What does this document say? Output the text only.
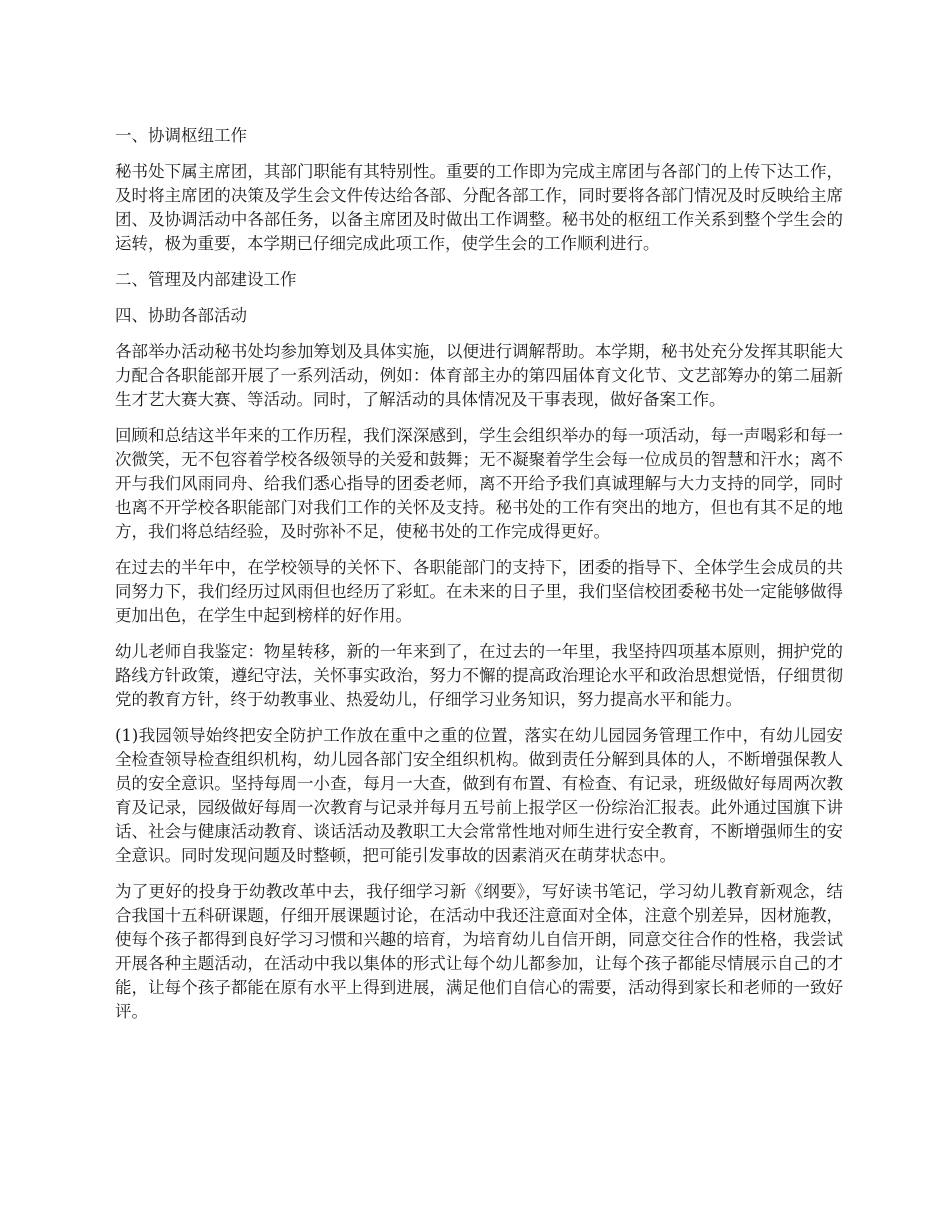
一、协调枢纽工作

秘书处下属主席团，其部门职能有其特别性。重要的工作即为完成主席团与各部门的上传下达工作，及时将主席团的决策及学生会文件传达给各部、分配各部工作，同时要将各部门情况及时反映给主席团、及协调活动中各部任务，以备主席团及时做出工作调整。秘书处的枢纽工作关系到整个学生会的运转，极为重要，本学期已仔细完成此项工作，使学生会的工作顺利进行。

二、管理及内部建设工作

四、协助各部活动

各部举办活动秘书处均参加筹划及具体实施，以便进行调解帮助。本学期，秘书处充分发挥其职能大力配合各职能部开展了一系列活动，例如：体育部主办的第四届体育文化节、文艺部筹办的第二届新生才艺大赛大赛、等活动。同时，了解活动的具体情况及干事表现，做好备案工作。

回顾和总结这半年来的工作历程，我们深深感到，学生会组织举办的每一项活动，每一声喝彩和每一次微笑，无不包容着学校各级领导的关爱和鼓舞；无不凝聚着学生会每一位成员的智慧和汗水；离不开与我们风雨同舟、给我们悉心指导的团委老师，离不开给予我们真诚理解与大力支持的同学，同时也离不开学校各职能部门对我们工作的关怀及支持。秘书处的工作有突出的地方，但也有其不足的地方，我们将总结经验，及时弥补不足，使秘书处的工作完成得更好。

在过去的半年中，在学校领导的关怀下、各职能部门的支持下，团委的指导下、全体学生会成员的共同努力下，我们经历过风雨但也经历了彩虹。在未来的日子里，我们坚信校团委秘书处一定能够做得更加出色，在学生中起到榜样的好作用。

幼儿老师自我鉴定：物星转移，新的一年来到了，在过去的一年里，我坚持四项基本原则，拥护党的路线方针政策，遵纪守法，关怀事实政治，努力不懈的提高政治理论水平和政治思想觉悟，仔细贯彻党的教育方针，终于幼教事业、热爱幼儿，仔细学习业务知识，努力提高水平和能力。

(1)我园领导始终把安全防护工作放在重中之重的位置，落实在幼儿园园务管理工作中，有幼儿园安全检查领导检查组织机构，幼儿园各部门安全组织机构。做到责任分解到具体的人，不断增强保教人员的安全意识。坚持每周一小查，每月一大查，做到有布置、有检查、有记录，班级做好每周两次教育及记录，园级做好每周一次教育与记录并每月五号前上报学区一份综治汇报表。此外通过国旗下讲话、社会与健康活动教育、谈话活动及教职工大会常常性地对师生进行安全教育，不断增强师生的安全意识。同时发现问题及时整顿，把可能引发事故的因素消灭在萌芽状态中。

为了更好的投身于幼教改革中去，我仔细学习新《纲要》，写好读书笔记，学习幼儿教育新观念，结合我国十五科研课题，仔细开展课题讨论，在活动中我还注意面对全体，注意个别差异，因材施教，使每个孩子都得到良好学习习惯和兴趣的培育，为培育幼儿自信开朗，同意交往合作的性格，我尝试开展各种主题活动，在活动中我以集体的形式让每个幼儿都参加，让每个孩子都能尽情展示自己的才能，让每个孩子都能在原有水平上得到进展，满足他们自信心的需要，活动得到家长和老师的一致好评。
